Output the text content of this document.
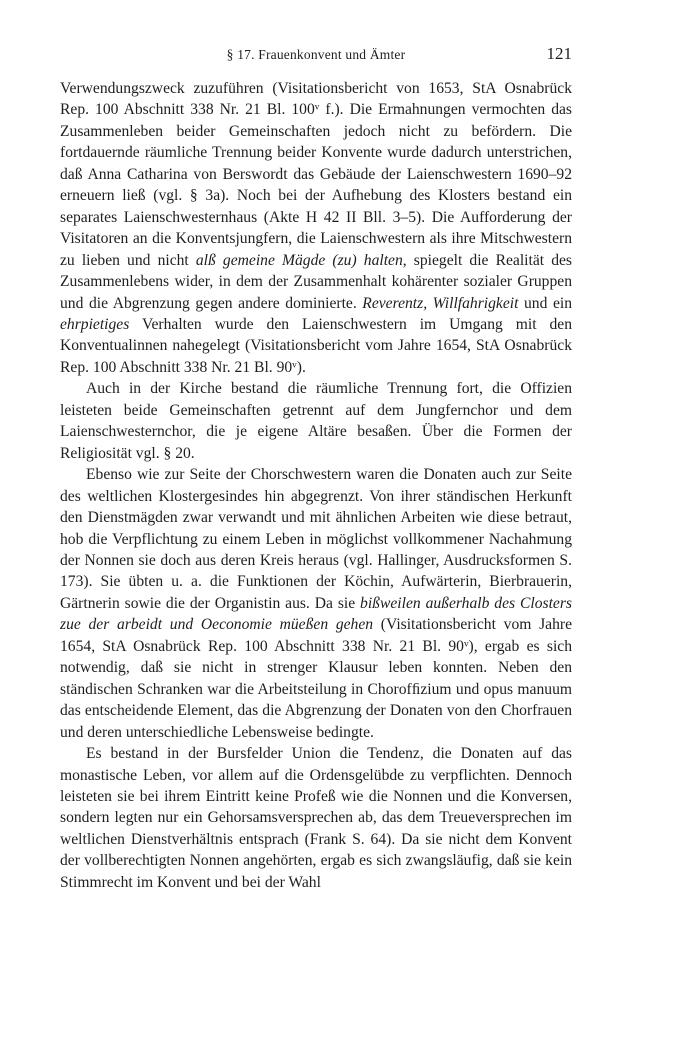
§ 17. Frauenkonvent und Ämter	121

Verwendungszweck zuzuführen (Visitationsbericht von 1653, StA Osnabrück Rep. 100 Abschnitt 338 Nr. 21 Bl. 100ᵛ f.). Die Ermahnungen vermochten das Zusammenleben beider Gemeinschaften jedoch nicht zu befördern. Die fortdauernde räumliche Trennung beider Konvente wurde dadurch unterstrichen, daß Anna Catharina von Berswordt das Gebäude der Laienschwestern 1690–92 erneuern ließ (vgl. § 3a). Noch bei der Aufhebung des Klosters bestand ein separates Laienschwesternhaus (Akte H 42 II Bll. 3–5). Die Aufforderung der Visitatoren an die Konventsjungfern, die Laienschwestern als ihre Mitschwestern zu lieben und nicht alß gemeine Mägde (zu) halten, spiegelt die Realität des Zusammenlebens wider, in dem der Zusammenhalt kohärenter sozialer Gruppen und die Abgrenzung gegen andere dominierte. Reverentz, Willfahrigkeit und ein ehrpietiges Verhalten wurde den Laienschwestern im Umgang mit den Konventualinnen nahegelegt (Visitationsbericht vom Jahre 1654, StA Osnabrück Rep. 100 Abschnitt 338 Nr. 21 Bl. 90ᵛ).

Auch in der Kirche bestand die räumliche Trennung fort, die Offizien leisteten beide Gemeinschaften getrennt auf dem Jungfernchor und dem Laienschwesternchor, die je eigene Altäre besaßen. Über die Formen der Religiosität vgl. § 20.

Ebenso wie zur Seite der Chorschwestern waren die Donaten auch zur Seite des weltlichen Klostergesindes hin abgegrenzt. Von ihrer ständischen Herkunft den Dienstmägden zwar verwandt und mit ähnlichen Arbeiten wie diese betraut, hob die Verpflichtung zu einem Leben in möglichst vollkommener Nachahmung der Nonnen sie doch aus deren Kreis heraus (vgl. Hallinger, Ausdrucksformen S. 173). Sie übten u. a. die Funktionen der Köchin, Aufwärterin, Bierbrauerin, Gärtnerin sowie die der Organistin aus. Da sie bißweilen außerhalb des Closters zue der arbeidt und Oeconomie müeßen gehen (Visitationsbericht vom Jahre 1654, StA Osnabrück Rep. 100 Abschnitt 338 Nr. 21 Bl. 90ᵛ), ergab es sich notwendig, daß sie nicht in strenger Klausur leben konnten. Neben den ständischen Schranken war die Arbeitsteilung in Chorofﬁzium und opus manuum das entscheidende Element, das die Abgrenzung der Donaten von den Chorfrauen und deren unterschiedliche Lebensweise bedingte.

Es bestand in der Bursfelder Union die Tendenz, die Donaten auf das monastische Leben, vor allem auf die Ordensgelübde zu verpflichten. Dennoch leisteten sie bei ihrem Eintritt keine Profeß wie die Nonnen und die Konversen, sondern legten nur ein Gehorsamsversprechen ab, das dem Treueversprechen im weltlichen Dienstverhältnis entsprach (Frank S. 64). Da sie nicht dem Konvent der vollberechtigten Nonnen angehörten, ergab es sich zwangsläufig, daß sie kein Stimmrecht im Konvent und bei der Wahl
